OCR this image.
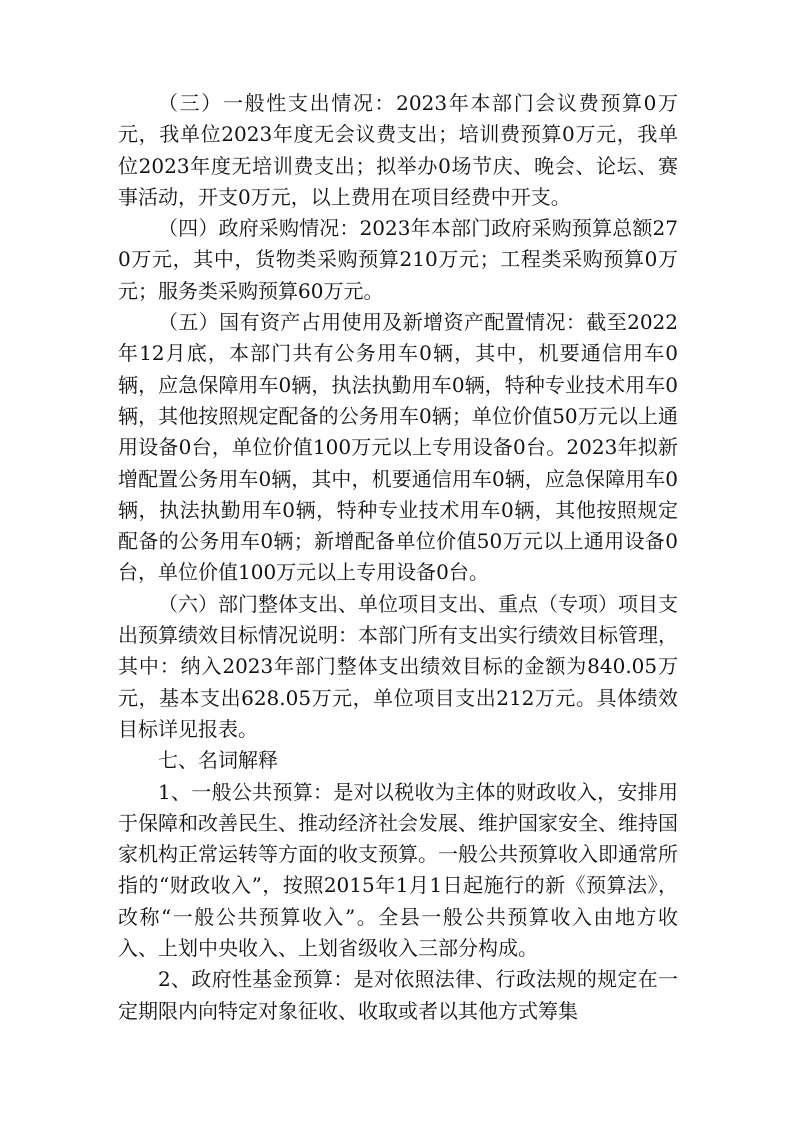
（三）一般性支出情况：2023年本部门会议费预算0万元，我单位2023年度无会议费支出；培训费预算0万元，我单位2023年度无培训费支出；拟举办0场节庆、晚会、论坛、赛事活动，开支0万元，以上费用在项目经费中开支。

（四）政府采购情况：2023年本部门政府采购预算总额270万元，其中，货物类采购预算210万元；工程类采购预算0万元；服务类采购预算60万元。

（五）国有资产占用使用及新增资产配置情况：截至2022年12月底，本部门共有公务用车0辆，其中，机要通信用车0辆，应急保障用车0辆，执法执勤用车0辆，特种专业技术用车0辆，其他按照规定配备的公务用车0辆；单位价值50万元以上通用设备0台，单位价值100万元以上专用设备0台。2023年拟新增配置公务用车0辆，其中，机要通信用车0辆，应急保障用车0辆，执法执勤用车0辆，特种专业技术用车0辆，其他按照规定配备的公务用车0辆；新增配备单位价值50万元以上通用设备0台，单位价值100万元以上专用设备0台。

（六）部门整体支出、单位项目支出、重点（专项）项目支出预算绩效目标情况说明：本部门所有支出实行绩效目标管理，其中：纳入2023年部门整体支出绩效目标的金额为840.05万元，基本支出628.05万元，单位项目支出212万元。具体绩效目标详见报表。

七、名词解释

1、一般公共预算：是对以税收为主体的财政收入，安排用于保障和改善民生、推动经济社会发展、维护国家安全、维持国家机构正常运转等方面的收支预算。一般公共预算收入即通常所指的“财政收入”，按照2015年1月1日起施行的新《预算法》，改称“一般公共预算收入”。全县一般公共预算收入由地方收入、上划中央收入、上划省级收入三部分构成。

2、政府性基金预算：是对依照法律、行政法规的规定在一定期限内向特定对象征收、收取或者以其他方式筹集
